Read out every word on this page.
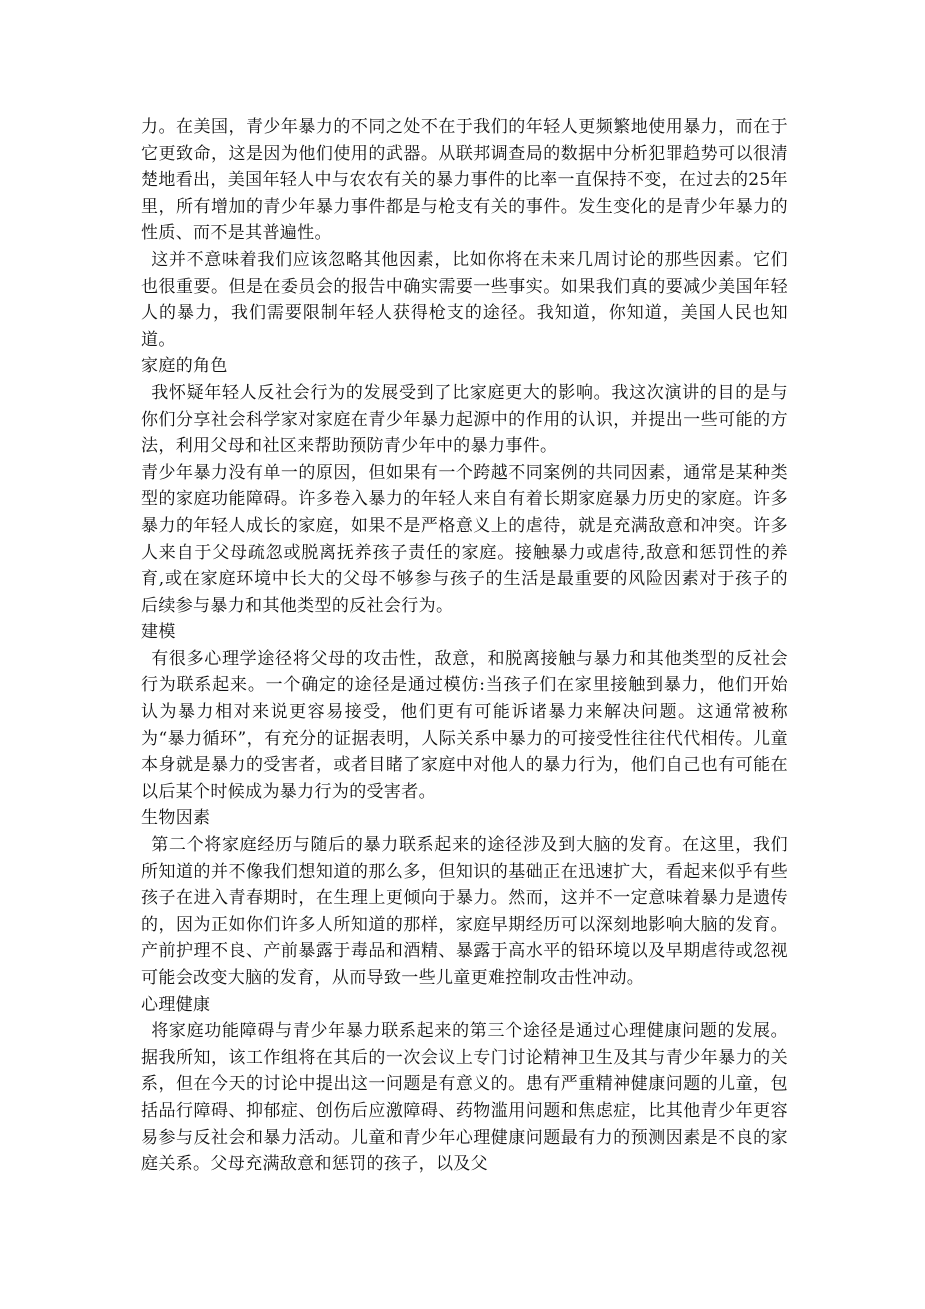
力。在美国，青少年暴力的不同之处不在于我们的年轻人更频繁地使用暴力，而在于它更致命，这是因为他们使用的武器。从联邦调查局的数据中分析犯罪趋势可以很清楚地看出，美国年轻人中与农农有关的暴力事件的比率一直保持不变，在过去的25年里，所有增加的青少年暴力事件都是与枪支有关的事件。发生变化的是青少年暴力的性质、而不是其普遍性。

这并不意味着我们应该忽略其他因素，比如你将在未来几周讨论的那些因素。它们也很重要。但是在委员会的报告中确实需要一些事实。如果我们真的要减少美国年轻人的暴力，我们需要限制年轻人获得枪支的途径。我知道，你知道，美国人民也知道。

家庭的角色

我怀疑年轻人反社会行为的发展受到了比家庭更大的影响。我这次演讲的目的是与你们分享社会科学家对家庭在青少年暴力起源中的作用的认识，并提出一些可能的方法，利用父母和社区来帮助预防青少年中的暴力事件。

青少年暴力没有单一的原因，但如果有一个跨越不同案例的共同因素，通常是某种类型的家庭功能障碍。许多卷入暴力的年轻人来自有着长期家庭暴力历史的家庭。许多暴力的年轻人成长的家庭，如果不是严格意义上的虐待，就是充满敌意和冲突。许多人来自于父母疏忽或脱离抚养孩子责任的家庭。接触暴力或虐待,敌意和惩罚性的养育,或在家庭环境中长大的父母不够参与孩子的生活是最重要的风险因素对于孩子的后续参与暴力和其他类型的反社会行为。

建模

有很多心理学途径将父母的攻击性，敌意，和脱离接触与暴力和其他类型的反社会行为联系起来。一个确定的途径是通过模仿:当孩子们在家里接触到暴力，他们开始认为暴力相对来说更容易接受，他们更有可能诉诸暴力来解决问题。这通常被称为“暴力循环”，有充分的证据表明，人际关系中暴力的可接受性往往代代相传。儿童本身就是暴力的受害者，或者目睹了家庭中对他人的暴力行为，他们自己也有可能在以后某个时候成为暴力行为的受害者。

生物因素

第二个将家庭经历与随后的暴力联系起来的途径涉及到大脑的发育。在这里，我们所知道的并不像我们想知道的那么多，但知识的基础正在迅速扩大，看起来似乎有些孩子在进入青春期时，在生理上更倾向于暴力。然而，这并不一定意味着暴力是遗传的，因为正如你们许多人所知道的那样，家庭早期经历可以深刻地影响大脑的发育。产前护理不良、产前暴露于毒品和酒精、暴露于高水平的铅环境以及早期虐待或忽视可能会改变大脑的发育，从而导致一些儿童更难控制攻击性冲动。

心理健康

将家庭功能障碍与青少年暴力联系起来的第三个途径是通过心理健康问题的发展。据我所知，该工作组将在其后的一次会议上专门讨论精神卫生及其与青少年暴力的关系，但在今天的讨论中提出这一问题是有意义的。患有严重精神健康问题的儿童，包括品行障碍、抑郁症、创伤后应激障碍、药物滥用问题和焦虑症，比其他青少年更容易参与反社会和暴力活动。儿童和青少年心理健康问题最有力的预测因素是不良的家庭关系。父母充满敌意和惩罚的孩子，以及父
